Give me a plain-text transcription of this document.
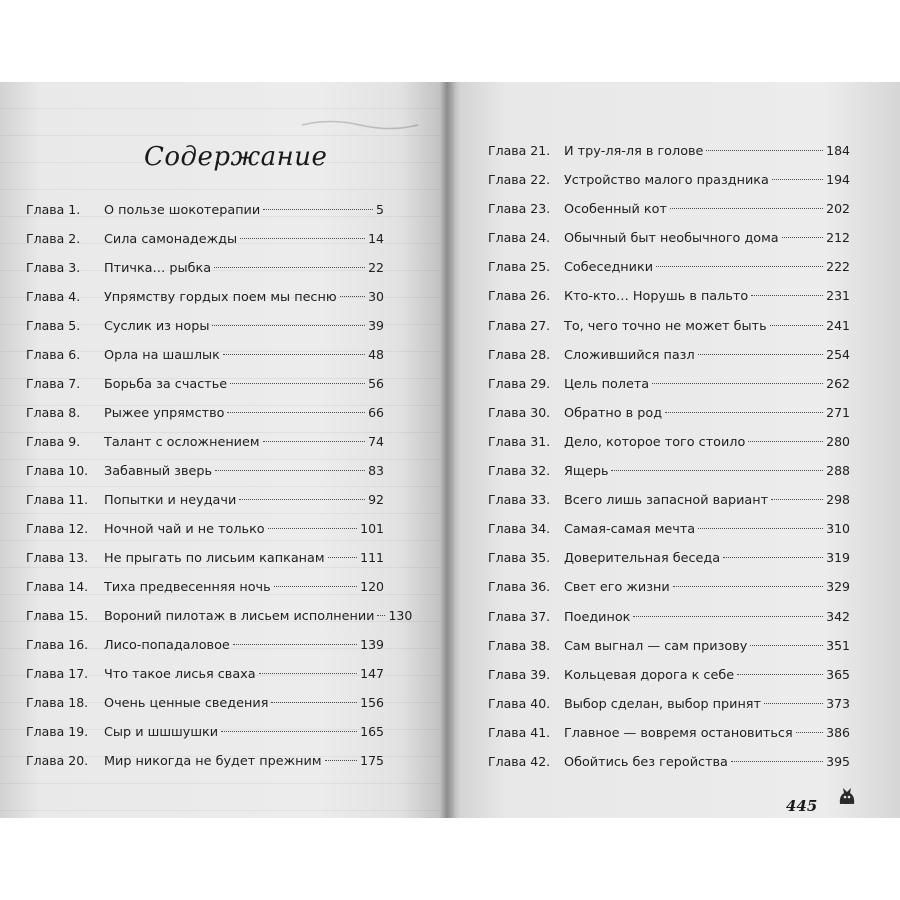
Содержание
Глава 1.	О пользе шокотерапии	5
Глава 2.	Сила самонадежды	14
Глава 3.	Птичка… рыбка	22
Глава 4.	Упрямству гордых поем мы песню	30
Глава 5.	Суслик из норы	39
Глава 6.	Орла на шашлык	48
Глава 7.	Борьба за счастье	56
Глава 8.	Рыжее упрямство	66
Глава 9.	Талант с осложнением	74
Глава 10.	Забавный зверь	83
Глава 11.	Попытки и неудачи	92
Глава 12.	Ночной чай и не только	101
Глава 13.	Не прыгать по лисьим капканам	111
Глава 14.	Тиха предвесенняя ночь	120
Глава 15.	Вороний пилотаж в лисьем исполнении 130
Глава 16.	Лисо-попадаловое	139
Глава 17.	Что такое лисья сваха	147
Глава 18.	Очень ценные сведения	156
Глава 19.	Сыр и шшшушки	165
Глава 20.	Мир никогда не будет прежним	175
Глава 21.	И тру-ля-ля в голове	184
Глава 22.	Устройство малого праздника	194
Глава 23.	Особенный кот	202
Глава 24.	Обычный быт необычного дома	212
Глава 25.	Собеседники	222
Глава 26.	Кто-кто… Норушь в пальто	231
Глава 27.	То, чего точно не может быть	241
Глава 28.	Сложившийся пазл	254
Глава 29.	Цель полета	262
Глава 30.	Обратно в род	271
Глава 31.	Дело, которое того стоило	280
Глава 32.	Ящерь	288
Глава 33.	Всего лишь запасной вариант	298
Глава 34.	Самая-самая мечта	310
Глава 35.	Доверительная беседа	319
Глава 36.	Свет его жизни	329
Глава 37.	Поединок	342
Глава 38.	Сам выгнал — сам призову	351
Глава 39.	Кольцевая дорога к себе	365
Глава 40.	Выбор сделан, выбор принят	373
Глава 41.	Главное — вовремя остановиться	386
Глава 42.	Обойтись без геройства	395
445
